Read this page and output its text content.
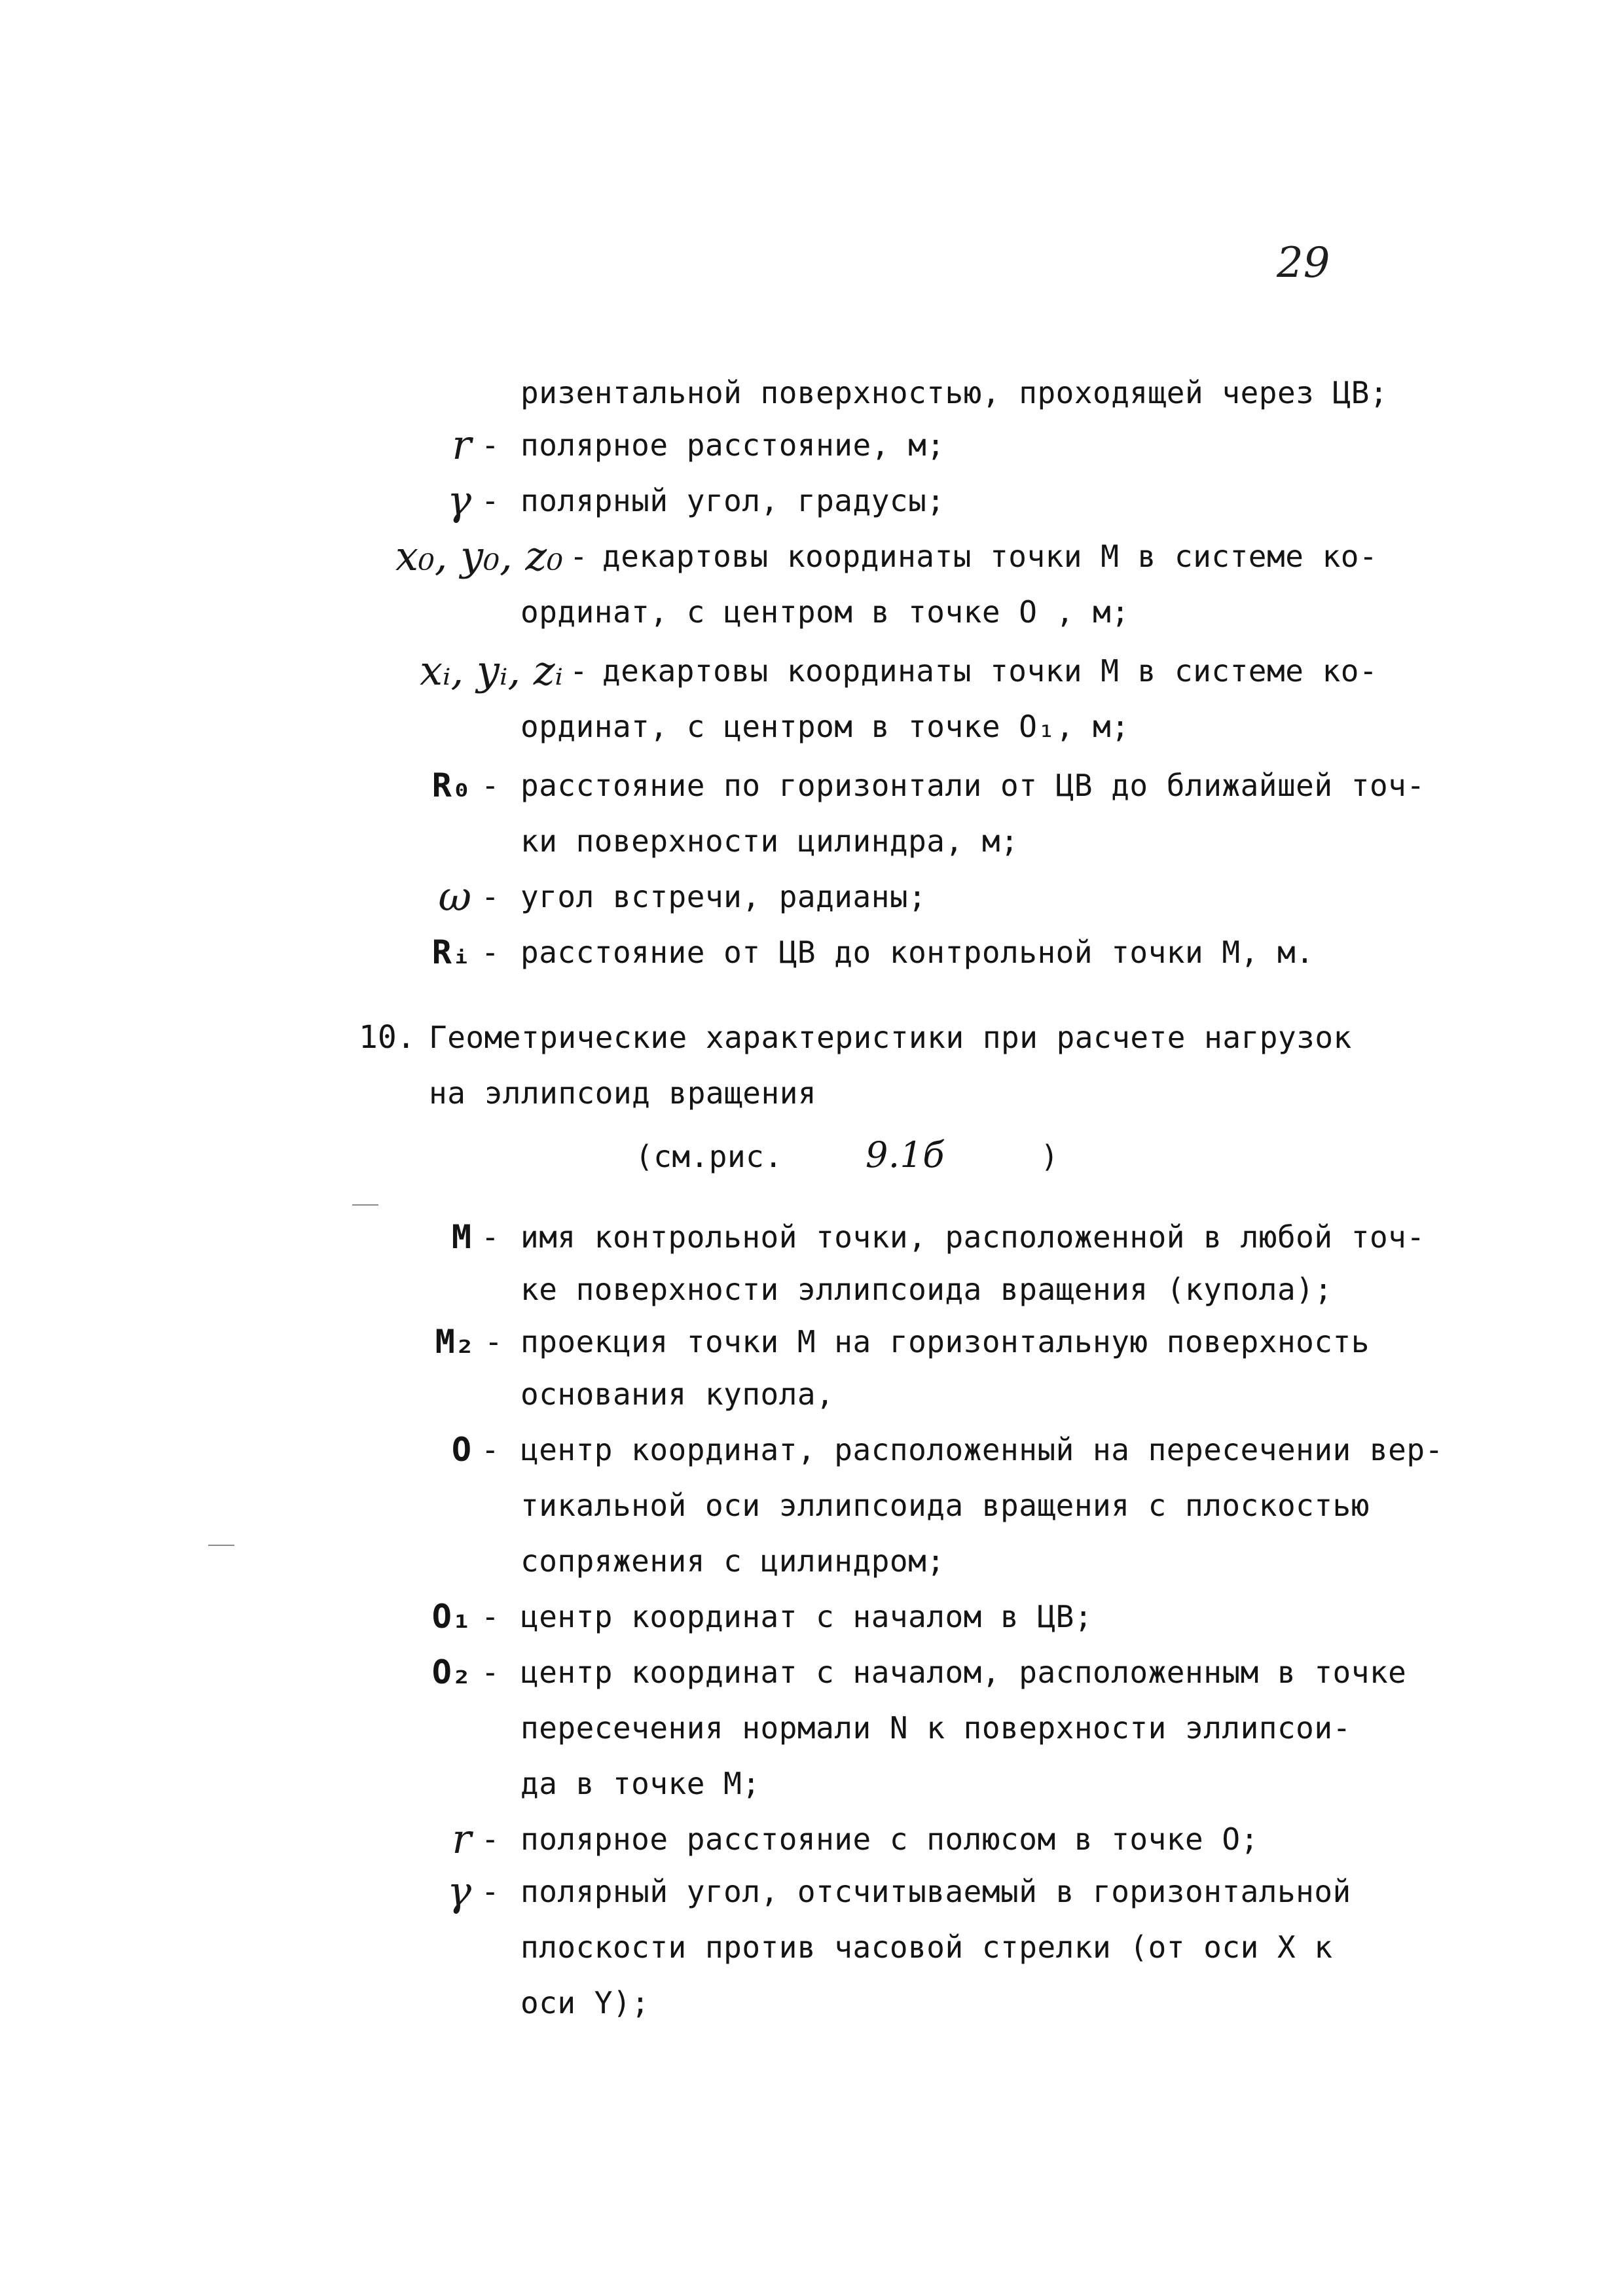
29
ризентальной поверхностью, проходящей через ЦВ;
r - полярное расстояние, м;
γ - полярный угол, градусы;
x₀, y₀, z₀ - декартовы координаты точки M в системе ко-
ординат, с центром в точке O , м;
xᵢ, yᵢ, zᵢ - декартовы координаты точки M в системе ко-
ординат, с центром в точке O₁, м;
R₀ - расстояние по горизонтали от ЦВ до ближайшей точ-
ки поверхности цилиндра, м;
ω - угол встречи, радианы;
Rᵢ - расстояние от ЦВ до контрольной точки M, м.
10. Геометрические характеристики при расчете нагрузок
на эллипсоид вращения
(см.рис. 9.1б	)
M - имя контрольной точки, расположенной в любой точ-
ке поверхности эллипсоида вращения (купола);
M₂ - проекция точки M на горизонтальную поверхность
основания купола,
O - центр координат, расположенный на пересечении вер-
тикальной оси эллипсоида вращения с плоскостью
сопряжения с цилиндром;
O₁ - центр координат с началом в ЦВ;
O₂ - центр координат с началом, расположенным в точке
пересечения нормали N к поверхности эллипсои-
да в точке M;
r - полярное расстояние с полюсом в точке O;
γ - полярный угол, отсчитываемый в горизонтальной
плоскости против часовой стрелки (от оси X к
оси Y);
